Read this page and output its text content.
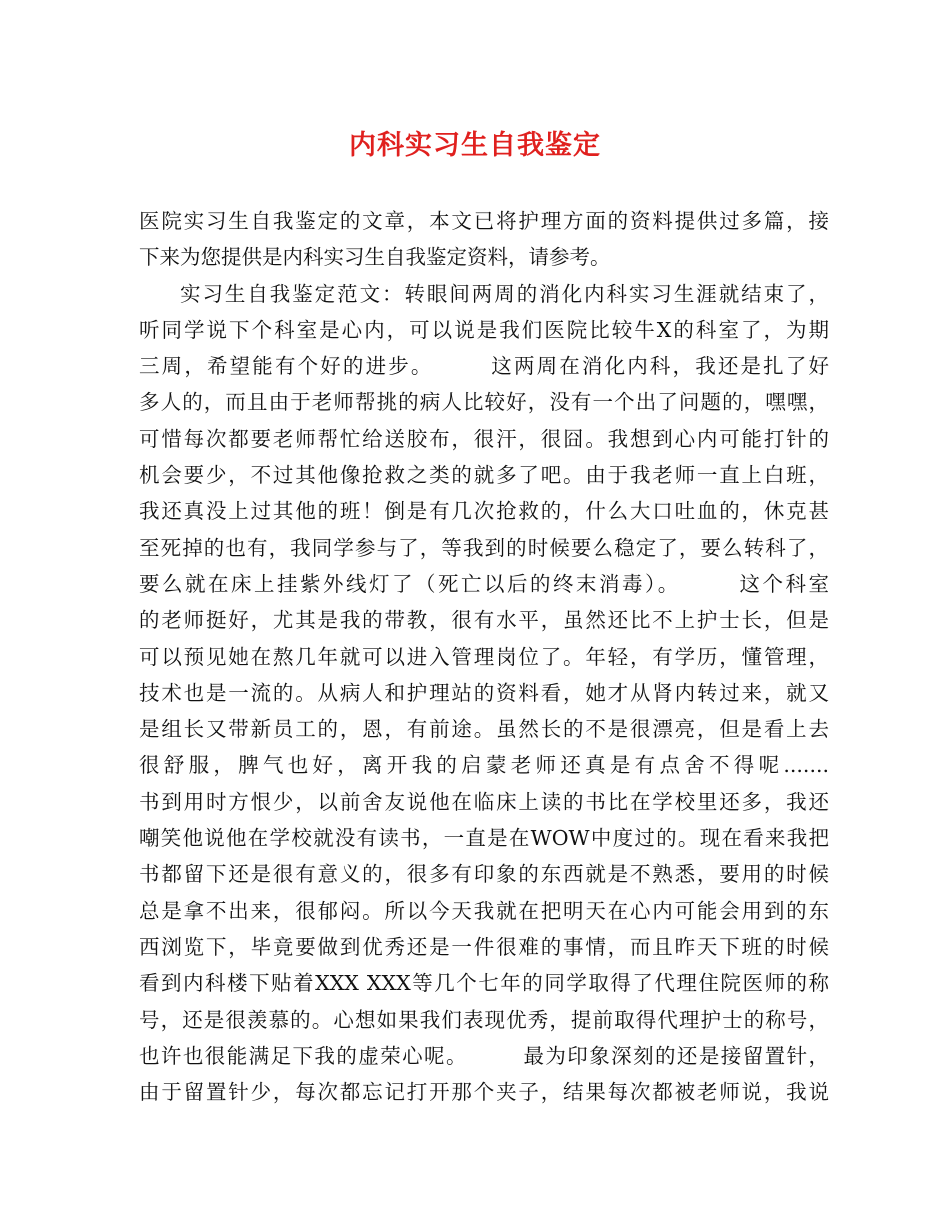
内科实习生自我鉴定
医院实习生自我鉴定的文章，本文已将护理方面的资料提供过多篇，接
下来为您提供是内科实习生自我鉴定资料，请参考。
实习生自我鉴定范文：转眼间两周的消化内科实习生涯就结束了，
听同学说下个科室是心内，可以说是我们医院比较牛X的科室了，为期
三周，希望能有个好的进步。　　　这两周在消化内科，我还是扎了好
多人的，而且由于老师帮挑的病人比较好，没有一个出了问题的，嘿嘿，
可惜每次都要老师帮忙给送胶布，很汗，很囧。我想到心内可能打针的
机会要少，不过其他像抢救之类的就多了吧。由于我老师一直上白班，
我还真没上过其他的班！倒是有几次抢救的，什么大口吐血的，休克甚
至死掉的也有，我同学参与了，等我到的时候要么稳定了，要么转科了，
要么就在床上挂紫外线灯了（死亡以后的终末消毒）。　　　这个科室
的老师挺好，尤其是我的带教，很有水平，虽然还比不上护士长，但是
可以预见她在熬几年就可以进入管理岗位了。年轻，有学历，懂管理，
技术也是一流的。从病人和护理站的资料看，她才从肾内转过来，就又
是组长又带新员工的，恩，有前途。虽然长的不是很漂亮，但是看上去
很舒服，脾气也好，离开我的启蒙老师还真是有点舍不得呢.......
书到用时方恨少，以前舍友说他在临床上读的书比在学校里还多，我还
嘲笑他说他在学校就没有读书，一直是在WOW中度过的。现在看来我把
书都留下还是很有意义的，很多有印象的东西就是不熟悉，要用的时候
总是拿不出来，很郁闷。所以今天我就在把明天在心内可能会用到的东
西浏览下，毕竟要做到优秀还是一件很难的事情，而且昨天下班的时候
看到内科楼下贴着XXX XXX等几个七年的同学取得了代理住院医师的称
号，还是很羡慕的。心想如果我们表现优秀，提前取得代理护士的称号，
也许也很能满足下我的虚荣心呢。　　　最为印象深刻的还是接留置针，
由于留置针少，每次都忘记打开那个夹子，结果每次都被老师说，我说
